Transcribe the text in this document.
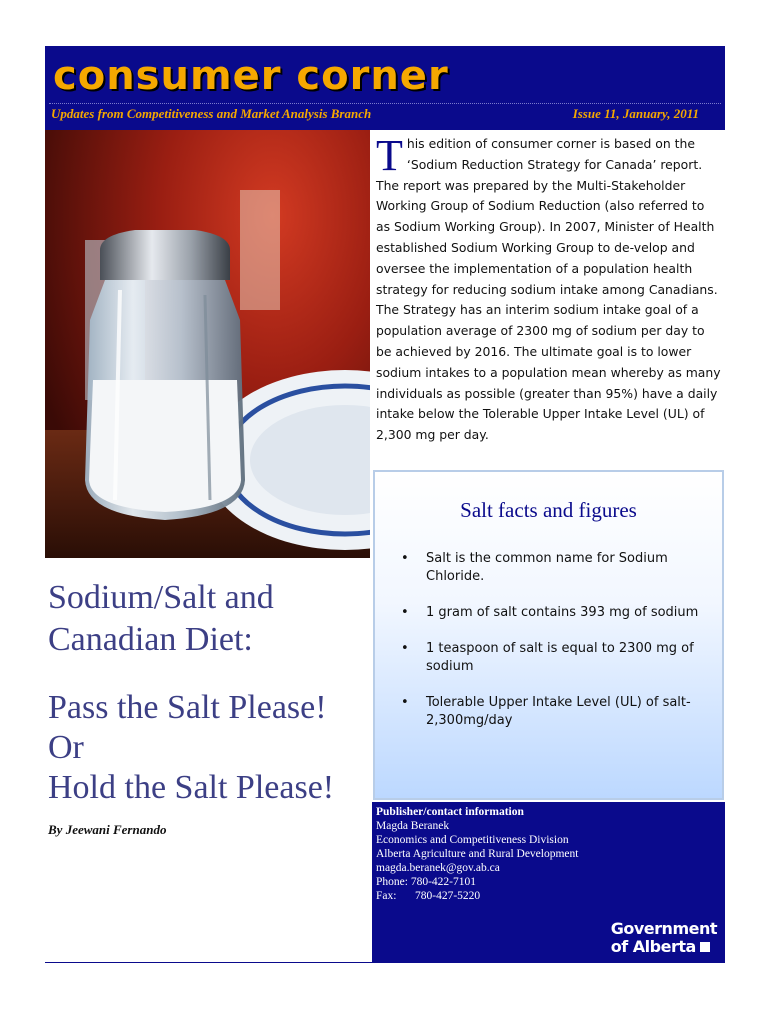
consumer corner
Updates from Competitiveness and Market Analysis Branch	Issue 11, January, 2011
This edition of consumer corner is based on the ‘Sodium Reduction Strategy for Canada’ report. The report was prepared by the Multi-Stakeholder Working Group of Sodium Reduction (also referred to as Sodium Working Group). In 2007, Minister of Health established Sodium Working Group to de-velop and oversee the implementation of a population health strategy for reducing sodium intake among Canadians. The Strategy has an interim sodium intake goal of a population average of 2300 mg of sodium per day to be achieved by 2016. The ultimate goal is to lower sodium intakes to a population mean whereby as many individuals as possible (greater than 95%) have a daily intake below the Tolerable Upper Intake Level (UL) of 2,300 mg per day.
Salt facts and figures
• Salt is the common name for Sodium Chloride.
• 1 gram of salt contains 393 mg of sodium
• 1 teaspoon of salt is equal to 2300 mg of sodium
• Tolerable Upper Intake Level (UL) of salt-2,300mg/day
Sodium/Salt and
Canadian Diet:
Pass the Salt Please!
Or
Hold the Salt Please!
By Jeewani Fernando
Publisher/contact information
Magda Beranek
Economics and Competitiveness Division
Alberta Agriculture and Rural Development
magda.beranek@gov.ab.ca
Phone: 780-422-7101
Fax: 780-427-5220
Government
of Alberta
